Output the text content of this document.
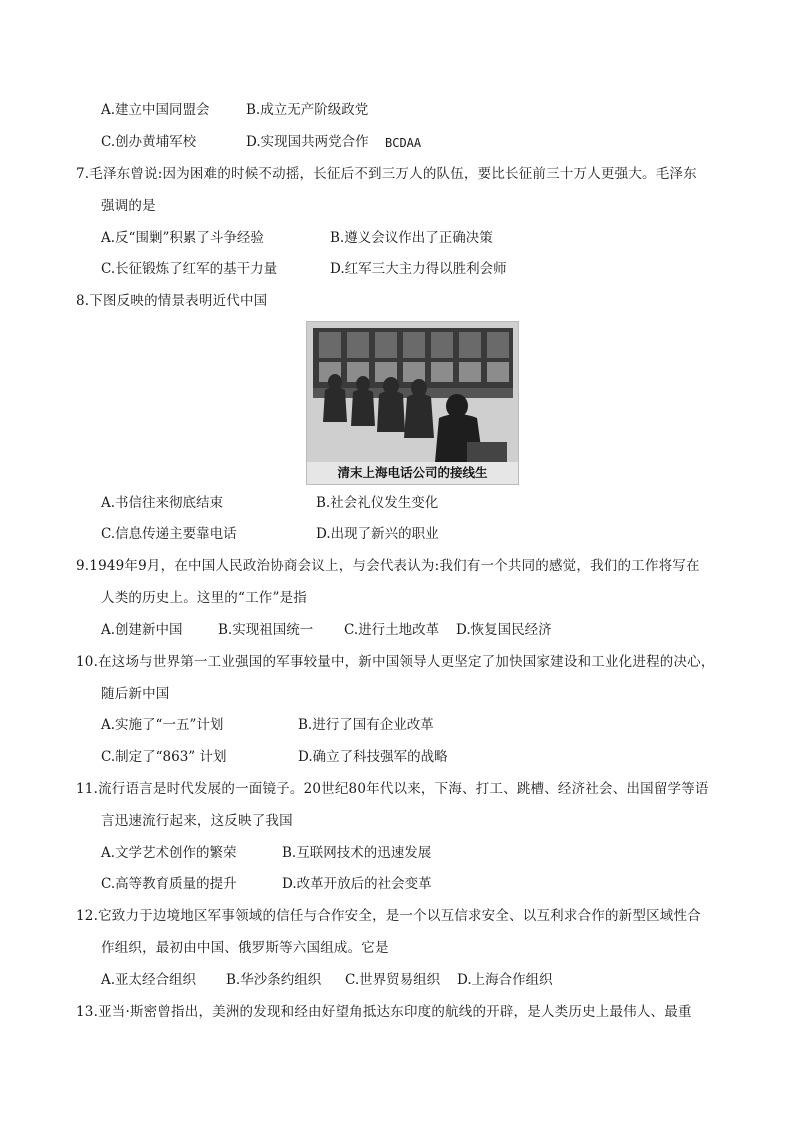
A.建立中国同盟会	B.成立无产阶级政党
C.创办黄埔军校	D.实现国共两党合作 BCDAA
7.毛泽东曾说:因为困难的时候不动摇，长征后不到三万人的队伍，要比长征前三十万人更强大。毛泽东
强调的是
A.反“围剿”积累了斗争经验	B.遵义会议作出了正确决策
C.长征锻炼了红军的基干力量	D.红军三大主力得以胜利会师
8.下图反映的情景表明近代中国
清末上海电话公司的接线生
A.书信往来彻底结束	B.社会礼仪发生变化
C.信息传递主要靠电话	D.出现了新兴的职业
9.1949年9月，在中国人民政治协商会议上，与会代表认为:我们有一个共同的感觉，我们的工作将写在
人类的历史上。这里的“工作”是指
A.创建新中国	B.实现祖国统一 C.进行土地改革 D.恢复国民经济
10.在这场与世界第一工业强国的军事较量中，新中国领导人更坚定了加快国家建设和工业化进程的决心，
随后新中国
A.实施了“一五”计划	B.进行了国有企业改革
C.制定了“863” 计划	D.确立了科技强军的战略
11.流行语言是时代发展的一面镜子。20世纪80年代以来，下海、打工、跳槽、经济社会、出国留学等语
言迅速流行起来，这反映了我国
A.文学艺术创作的繁荣	B.互联网技术的迅速发展
C.高等教育质量的提升	D.改革开放后的社会变革
12.它致力于边境地区军事领域的信任与合作安全，是一个以互信求安全、以互利求合作的新型区域性合
作组织，最初由中国、俄罗斯等六国组成。它是
A.亚太经合组织 B.华沙条约组织 C.世界贸易组织 D.上海合作组织
13.亚当·斯密曾指出，美洲的发现和经由好望角抵达东印度的航线的开辟，是人类历史上最伟人、最重
